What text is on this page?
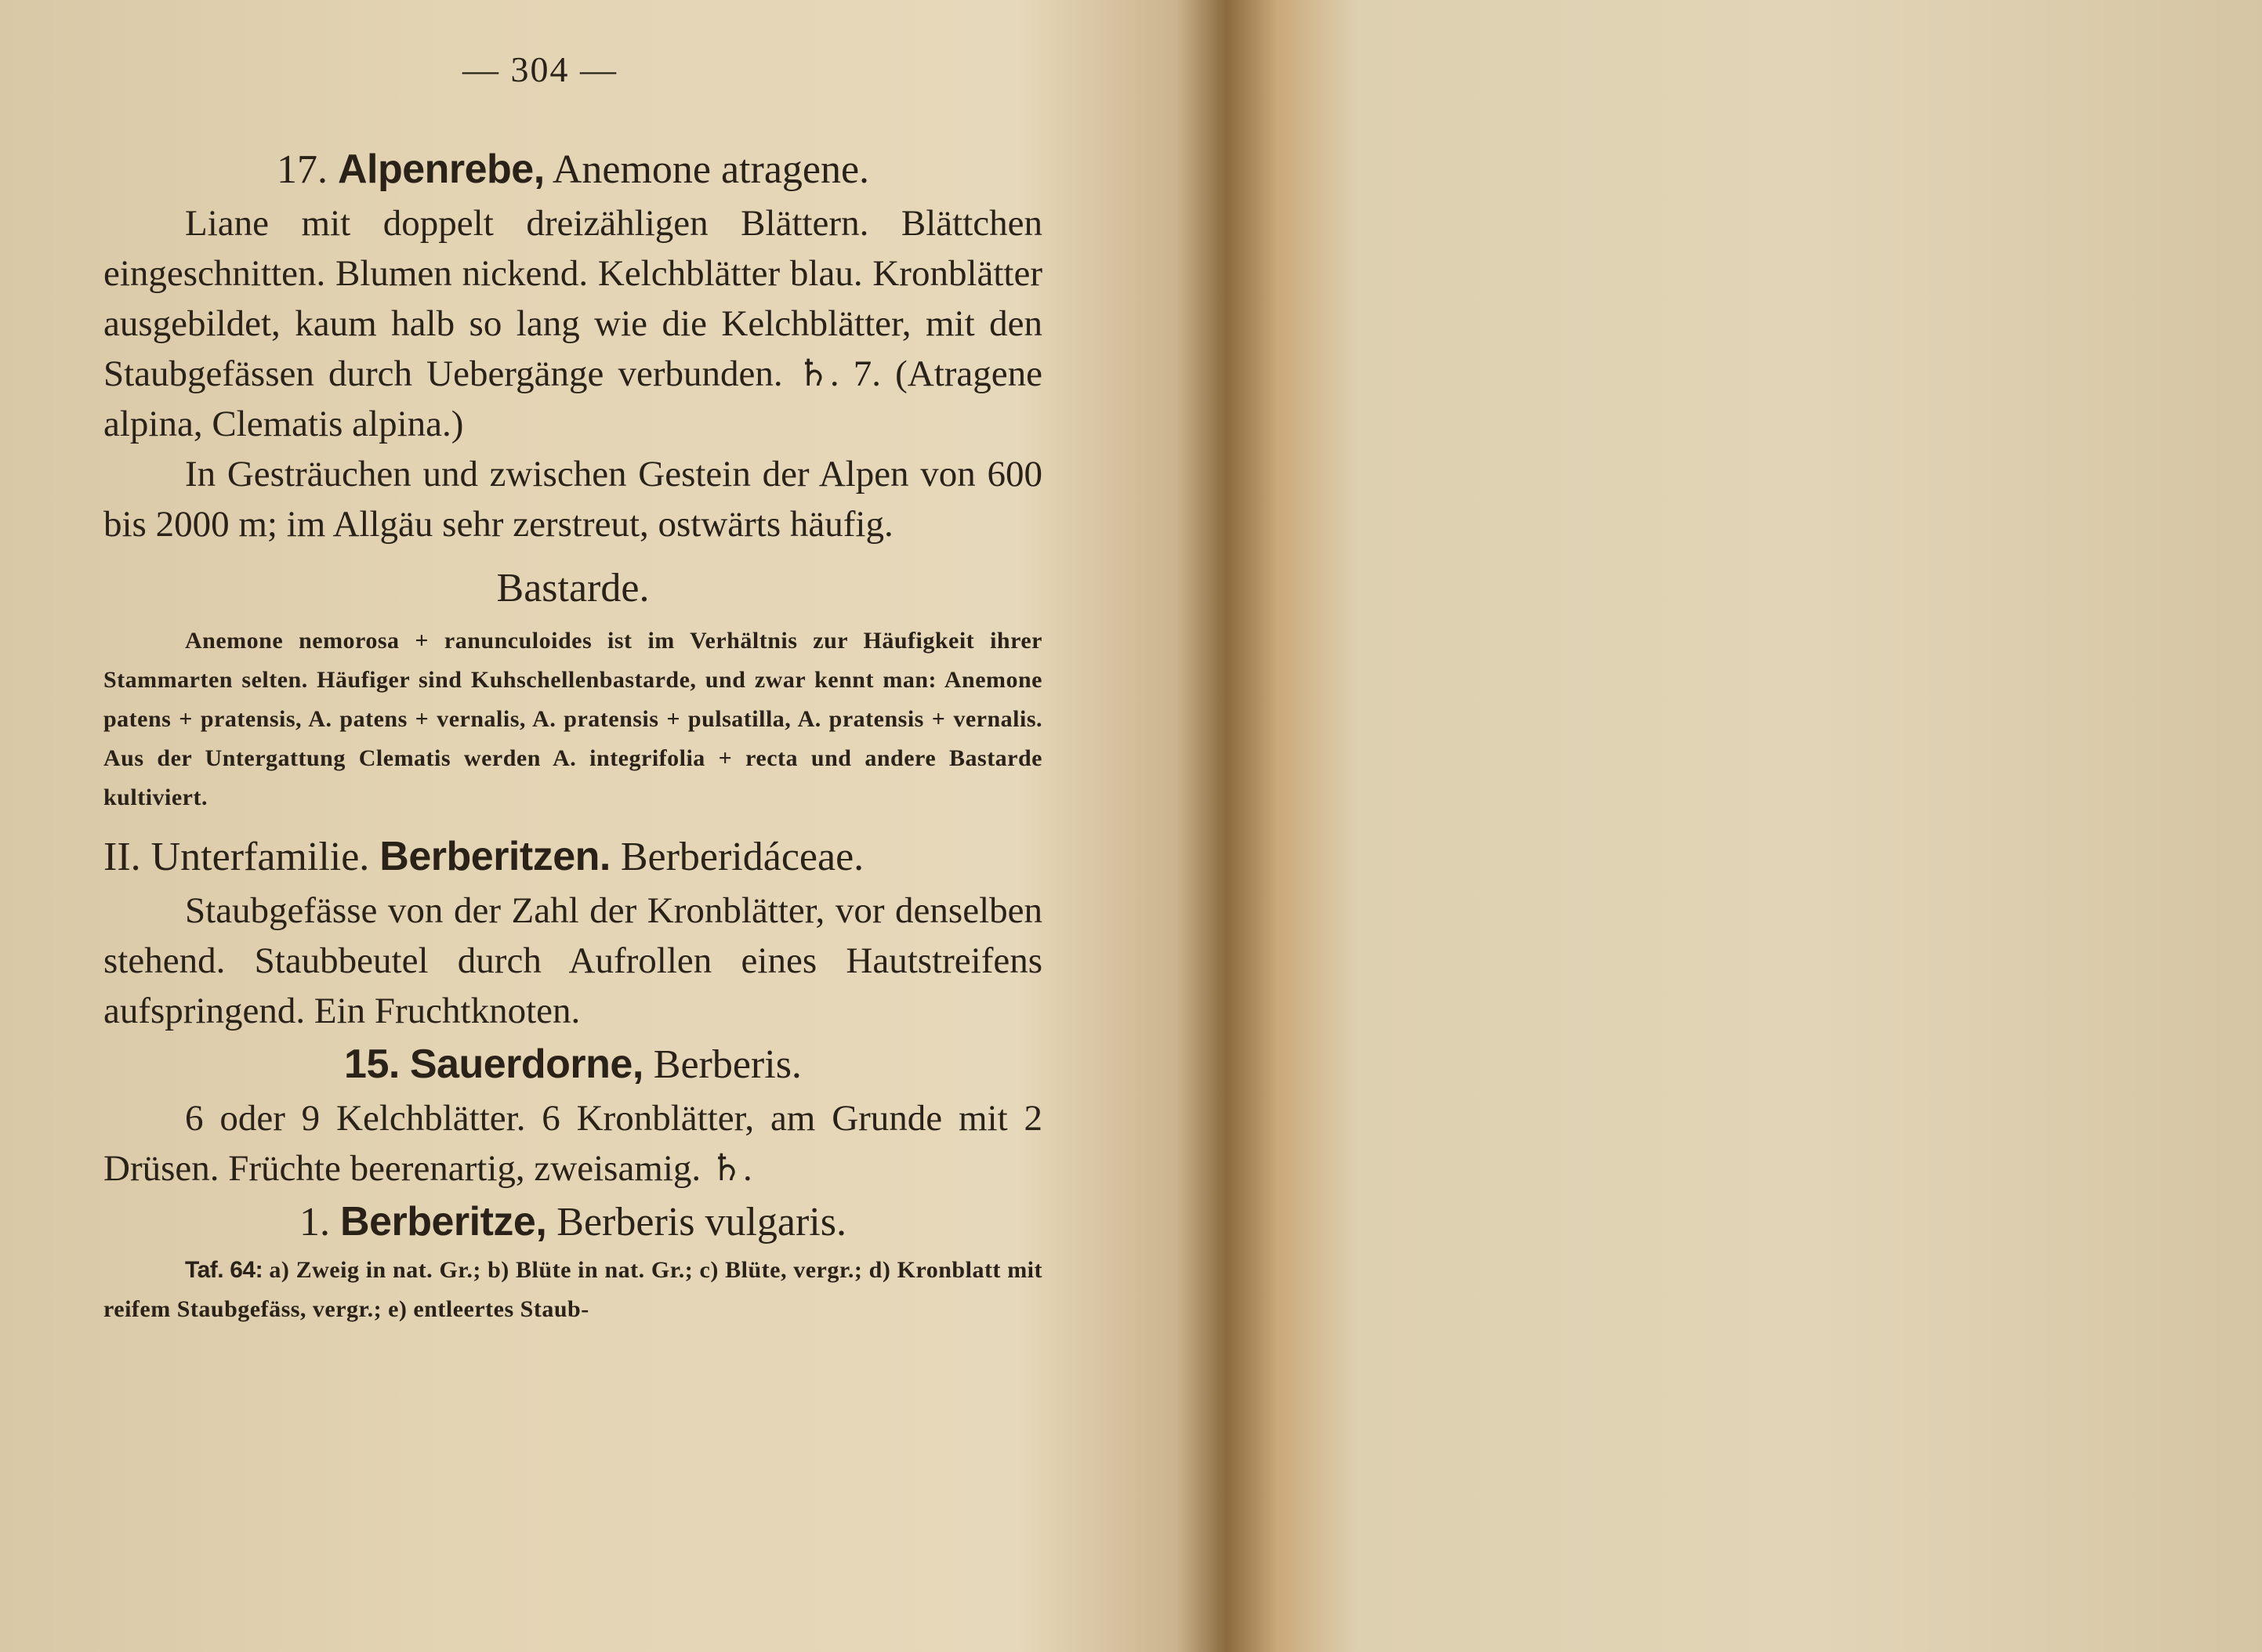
— 304 —
17. Alpenrebe, Anemone atragene.

Liane mit doppelt dreizähligen Blättern. Blättchen eingeschnitten. Blumen nickend. Kelchblätter blau. Kronblätter ausgebildet, kaum halb so lang wie die Kelchblätter, mit den Staubgefässen durch Uebergänge verbunden. ♄. 7. (Atragene alpina, Clematis alpina.)

In Gesträuchen und zwischen Gestein der Alpen von 600 bis 2000 m; im Allgäu sehr zerstreut, ostwärts häufig.

Bastarde.

Anemone nemorosa + ranunculoides ist im Verhältnis zur Häufigkeit ihrer Stammarten selten. Häufiger sind Kuhschellenbastarde, und zwar kennt man: Anemone patens + pratensis, A. patens + vernalis, A. pratensis + pulsatilla, A. pratensis + vernalis. Aus der Untergattung Clematis werden A. integrifolia + recta und andere Bastarde kultiviert.

II. Unterfamilie. Berberitzen. Berberidáceae.

Staubgefässe von der Zahl der Kronblätter, vor denselben stehend. Staubbeutel durch Aufrollen eines Hautstreifens aufspringend. Ein Fruchtknoten.

15. Sauerdorne, Berberis.

6 oder 9 Kelchblätter. 6 Kronblätter, am Grunde mit 2 Drüsen. Früchte beerenartig, zweisamig. ♄.

1. Berberitze, Berberis vulgaris.

Taf. 64: a) Zweig in nat. Gr.; b) Blüte in nat. Gr.; c) Blüte, vergr.; d) Kronblatt mit reifem Staubgefäss, vergr.; e) entleertes Staub-
